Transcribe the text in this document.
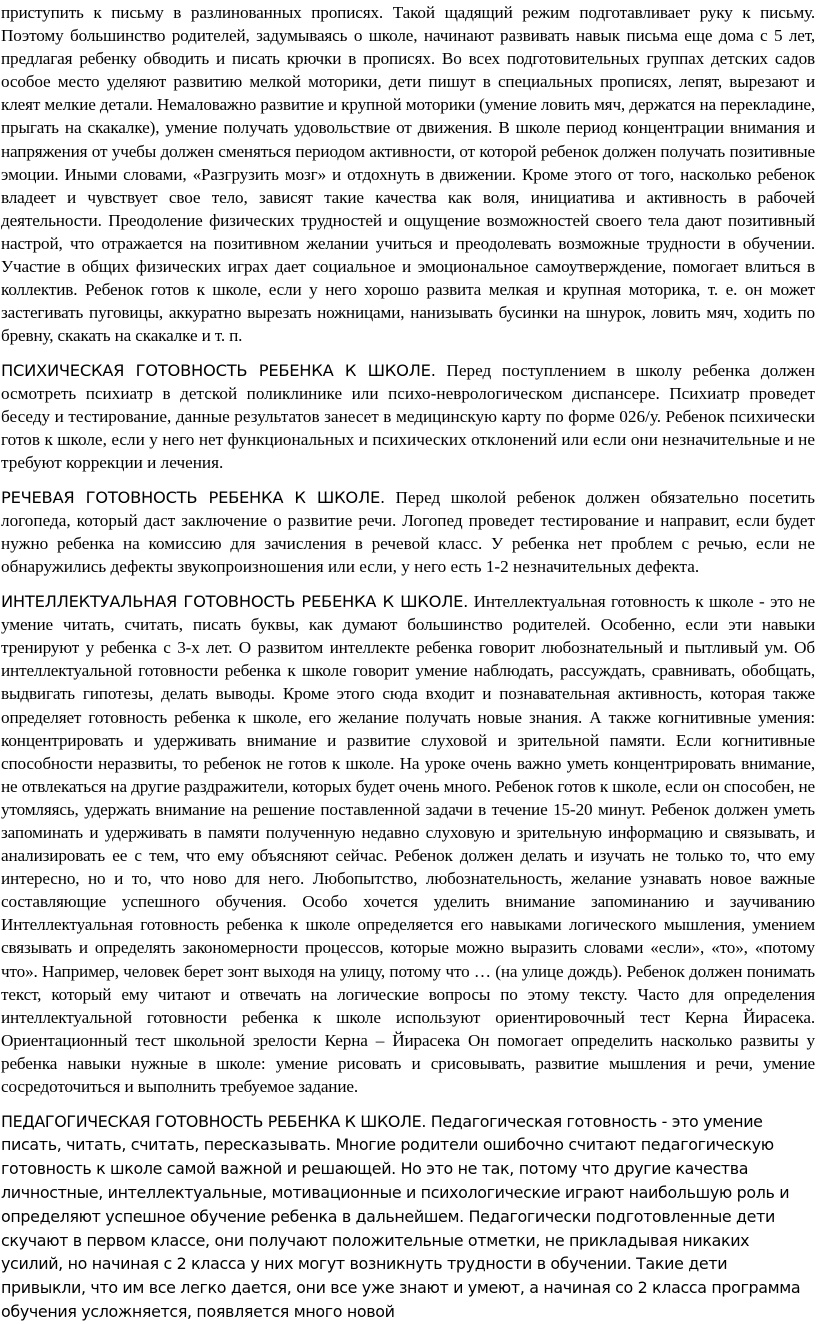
приступить к письму в разлинованных прописях. Такой щадящий режим подготавливает руку к письму. Поэтому большинство родителей, задумываясь о школе, начинают развивать навык письма еще дома с 5 лет, предлагая ребенку обводить и писать крючки в прописях. Во всех подготовительных группах детских садов особое место уделяют развитию мелкой моторики, дети пишут в специальных прописях, лепят, вырезают и клеят мелкие детали. Немаловажно развитие и крупной моторики (умение ловить мяч, держатся на перекладине, прыгать на скакалке), умение получать удовольствие от движения. В школе период концентрации внимания и напряжения от учебы должен сменяться периодом активности, от которой ребенок должен получать позитивные эмоции. Иными словами, «Разгрузить мозг» и отдохнуть в движении. Кроме этого от того, насколько ребенок владеет и чувствует свое тело, зависят такие качества как воля, инициатива и активность в рабочей деятельности. Преодоление физических трудностей и ощущение возможностей своего тела дают позитивный настрой, что отражается на позитивном желании учиться и преодолевать возможные трудности в обучении. Участие в общих физических играх дает социальное и эмоциональное самоутверждение, помогает влиться в коллектив. Ребенок готов к школе, если у него хорошо развита мелкая и крупная моторика, т. е. он может застегивать пуговицы, аккуратно вырезать ножницами, нанизывать бусинки на шнурок, ловить мяч, ходить по бревну, скакать на скакалке и т. п.

ПСИХИЧЕСКАЯ ГОТОВНОСТЬ РЕБЕНКА К ШКОЛЕ. Перед поступлением в школу ребенка должен осмотреть психиатр в детской поликлинике или психо-неврологическом диспансере. Психиатр проведет беседу и тестирование, данные результатов занесет в медицинскую карту по форме 026/у. Ребенок психически готов к школе, если у него нет функциональных и психических отклонений или если они незначительные и не требуют коррекции и лечения.

РЕЧЕВАЯ ГОТОВНОСТЬ РЕБЕНКА К ШКОЛЕ. Перед школой ребенок должен обязательно посетить логопеда, который даст заключение о развитие речи. Логопед проведет тестирование и направит, если будет нужно ребенка на комиссию для зачисления в речевой класс. У ребенка нет проблем с речью, если не обнаружились дефекты звукопроизношения или если, у него есть 1-2 незначительных дефекта.

ИНТЕЛЛЕКТУАЛЬНАЯ ГОТОВНОСТЬ РЕБЕНКА К ШКОЛЕ. Интеллектуальная готовность к школе - это не умение читать, считать, писать буквы, как думают большинство родителей. Особенно, если эти навыки тренируют у ребенка с 3-х лет. О развитом интеллекте ребенка говорит любознательный и пытливый ум. Об интеллектуальной готовности ребенка к школе говорит умение наблюдать, рассуждать, сравнивать, обобщать, выдвигать гипотезы, делать выводы. Кроме этого сюда входит и познавательная активность, которая также определяет готовность ребенка к школе, его желание получать новые знания. А также когнитивные умения: концентрировать и удерживать внимание и развитие слуховой и зрительной памяти. Если когнитивные способности неразвиты, то ребенок не готов к школе. На уроке очень важно уметь концентрировать внимание, не отвлекаться на другие раздражители, которых будет очень много. Ребенок готов к школе, если он способен, не утомляясь, удержать внимание на решение поставленной задачи в течение 15-20 минут. Ребенок должен уметь запоминать и удерживать в памяти полученную недавно слуховую и зрительную информацию и связывать, и анализировать ее с тем, что ему объясняют сейчас. Ребенок должен делать и изучать не только то, что ему интересно, но и то, что ново для него. Любопытство, любознательность, желание узнавать новое важные составляющие успешного обучения. Особо хочется уделить внимание запоминанию и заучиванию Интеллектуальная готовность ребенка к школе определяется его навыками логического мышления, умением связывать и определять закономерности процессов, которые можно выразить словами «если», «то», «потому что». Например, человек берет зонт выходя на улицу, потому что … (на улице дождь). Ребенок должен понимать текст, который ему читают и отвечать на логические вопросы по этому тексту. Часто для определения интеллектуальной готовности ребенка к школе используют ориентировочный тест Керна Йирасека. Ориентационный тест школьной зрелости Керна – Йирасека Он помогает определить насколько развиты у ребенка навыки нужные в школе: умение рисовать и срисовывать, развитие мышления и речи, умение сосредоточиться и выполнить требуемое задание.

ПЕДАГОГИЧЕСКАЯ ГОТОВНОСТЬ РЕБЕНКА К ШКОЛЕ. Педагогическая готовность - это умение писать, читать, считать, пересказывать. Многие родители ошибочно считают педагогическую готовность к школе самой важной и решающей. Но это не так, потому что другие качества личностные, интеллектуальные, мотивационные и психологические играют наибольшую роль и определяют успешное обучение ребенка в дальнейшем. Педагогически подготовленные дети скучают в первом классе, они получают положительные отметки, не прикладывая никаких усилий, но начиная с 2 класса у них могут возникнуть трудности в обучении. Такие дети привыкли, что им все легко дается, они все уже знают и умеют, а начиная со 2 класса программа обучения усложняется, появляется много новой
